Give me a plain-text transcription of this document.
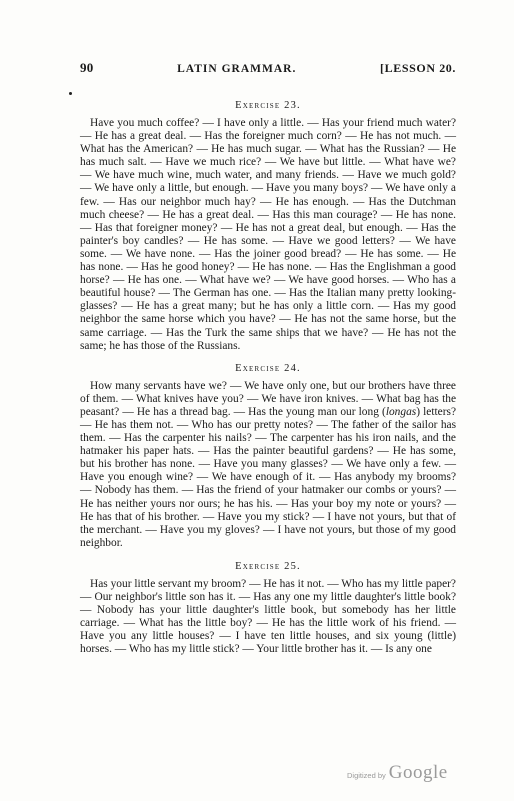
90	LATIN GRAMMAR.	[LESSON 20.
Exercise 23.

Have you much coffee? — I have only a little. — Has your friend much water? — He has a great deal. — Has the foreigner much corn? — He has not much. — What has the American? — He has much sugar. — What has the Russian? — He has much salt. — Have we much rice? — We have but little. — What have we? — We have much wine, much water, and many friends. — Have we much gold? — We have only a little, but enough. — Have you many boys? — We have only a few. — Has our neighbor much hay? — He has enough. — Has the Dutchman much cheese? — He has a great deal. — Has this man courage? — He has none. — Has that foreigner money? — He has not a great deal, but enough. — Has the painter's boy candles? — He has some. — Have we good letters? — We have some. — We have none. — Has the joiner good bread? — He has some. — He has none. — Has he good honey? — He has none. — Has the Englishman a good horse? — He has one. — What have we? — We have good horses. — Who has a beautiful house? — The German has one. — Has the Italian many pretty looking-glasses? — He has a great many; but he has only a little corn. — Has my good neighbor the same horse which you have? — He has not the same horse, but the same carriage. — Has the Turk the same ships that we have? — He has not the same; he has those of the Russians.

Exercise 24.

How many servants have we? — We have only one, but our brothers have three of them. — What knives have you? — We have iron knives. — What bag has the peasant? — He has a thread bag. — Has the young man our long (longas) letters? — He has them not. — Who has our pretty notes? — The father of the sailor has them. — Has the carpenter his nails? — The carpenter has his iron nails, and the hatmaker his paper hats. — Has the painter beautiful gardens? — He has some, but his brother has none. — Have you many glasses? — We have only a few. — Have you enough wine? — We have enough of it. — Has anybody my brooms? — Nobody has them. — Has the friend of your hatmaker our combs or yours? — He has neither yours nor ours; he has his. — Has your boy my note or yours? — He has that of his brother. — Have you my stick? — I have not yours, but that of the merchant. — Have you my gloves? — I have not yours, but those of my good neighbor.

Exercise 25.

Has your little servant my broom? — He has it not. — Who has my little paper? — Our neighbor's little son has it. — Has any one my little daughter's little book? — Nobody has your little daughter's little book, but somebody has her little carriage. — What has the little boy? — He has the little work of his friend. — Have you any little houses? — I have ten little houses, and six young (little) horses. — Who has my little stick? — Your little brother has it. — Is any one

Digitized by Google
